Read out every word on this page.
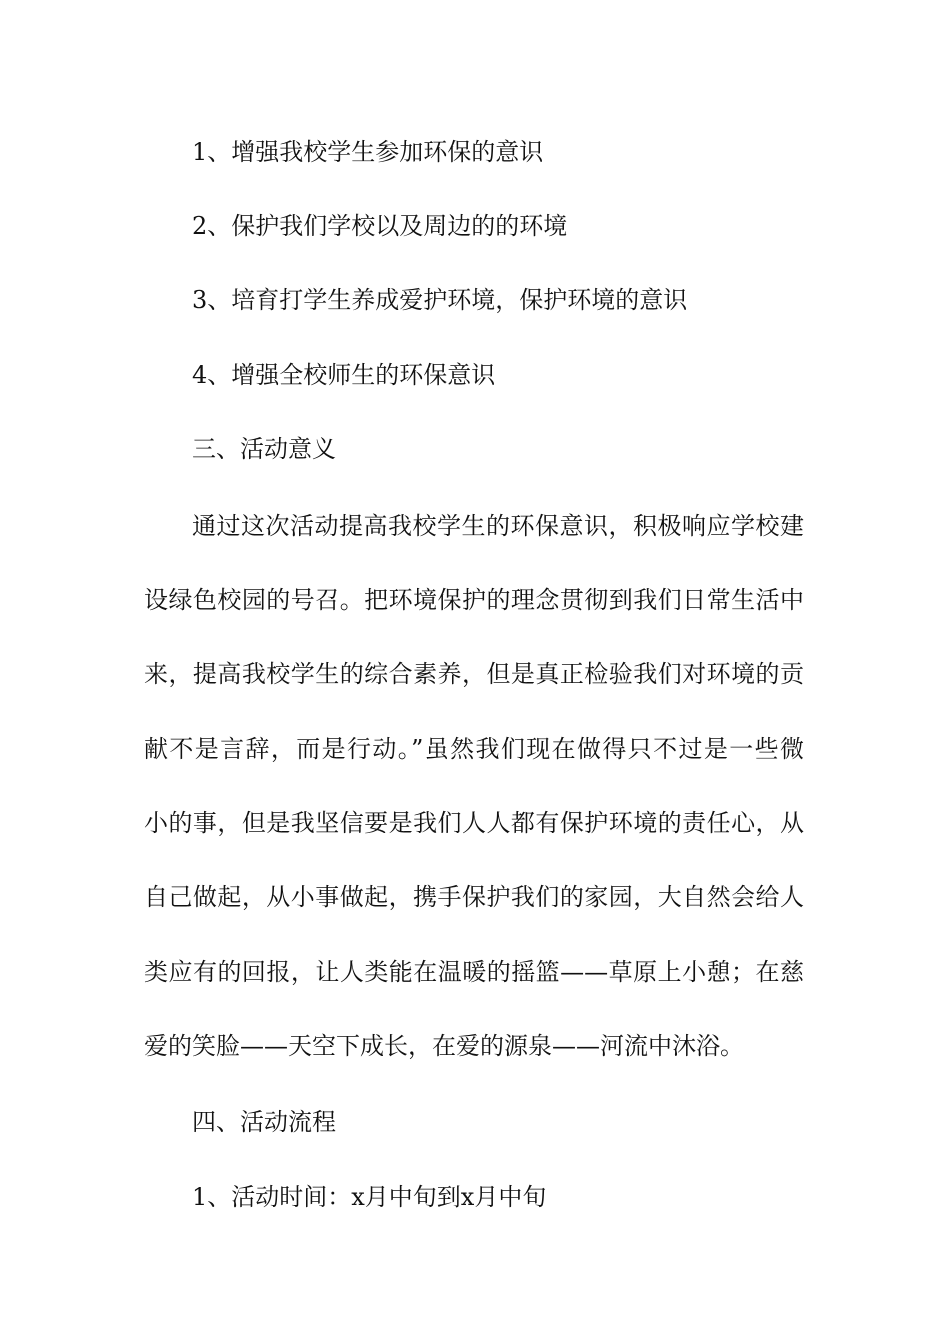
1、增强我校学生参加环保的意识
2、保护我们学校以及周边的的环境
3、培育打学生养成爱护环境，保护环境的意识
4、增强全校师生的环保意识
三、活动意义
通过这次活动提高我校学生的环保意识，积极响应学校建
设绿色校园的号召。把环境保护的理念贯彻到我们日常生活中
来，提高我校学生的综合素养，但是真正检验我们对环境的贡
献不是言辞，而是行动。”虽然我们现在做得只不过是一些微
小的事，但是我坚信要是我们人人都有保护环境的责任心，从
自己做起，从小事做起，携手保护我们的家园，大自然会给人
类应有的回报，让人类能在温暖的摇篮——草原上小憩；在慈
爱的笑脸——天空下成长，在爱的源泉——河流中沐浴。
四、活动流程
1、活动时间：x月中旬到x月中旬
